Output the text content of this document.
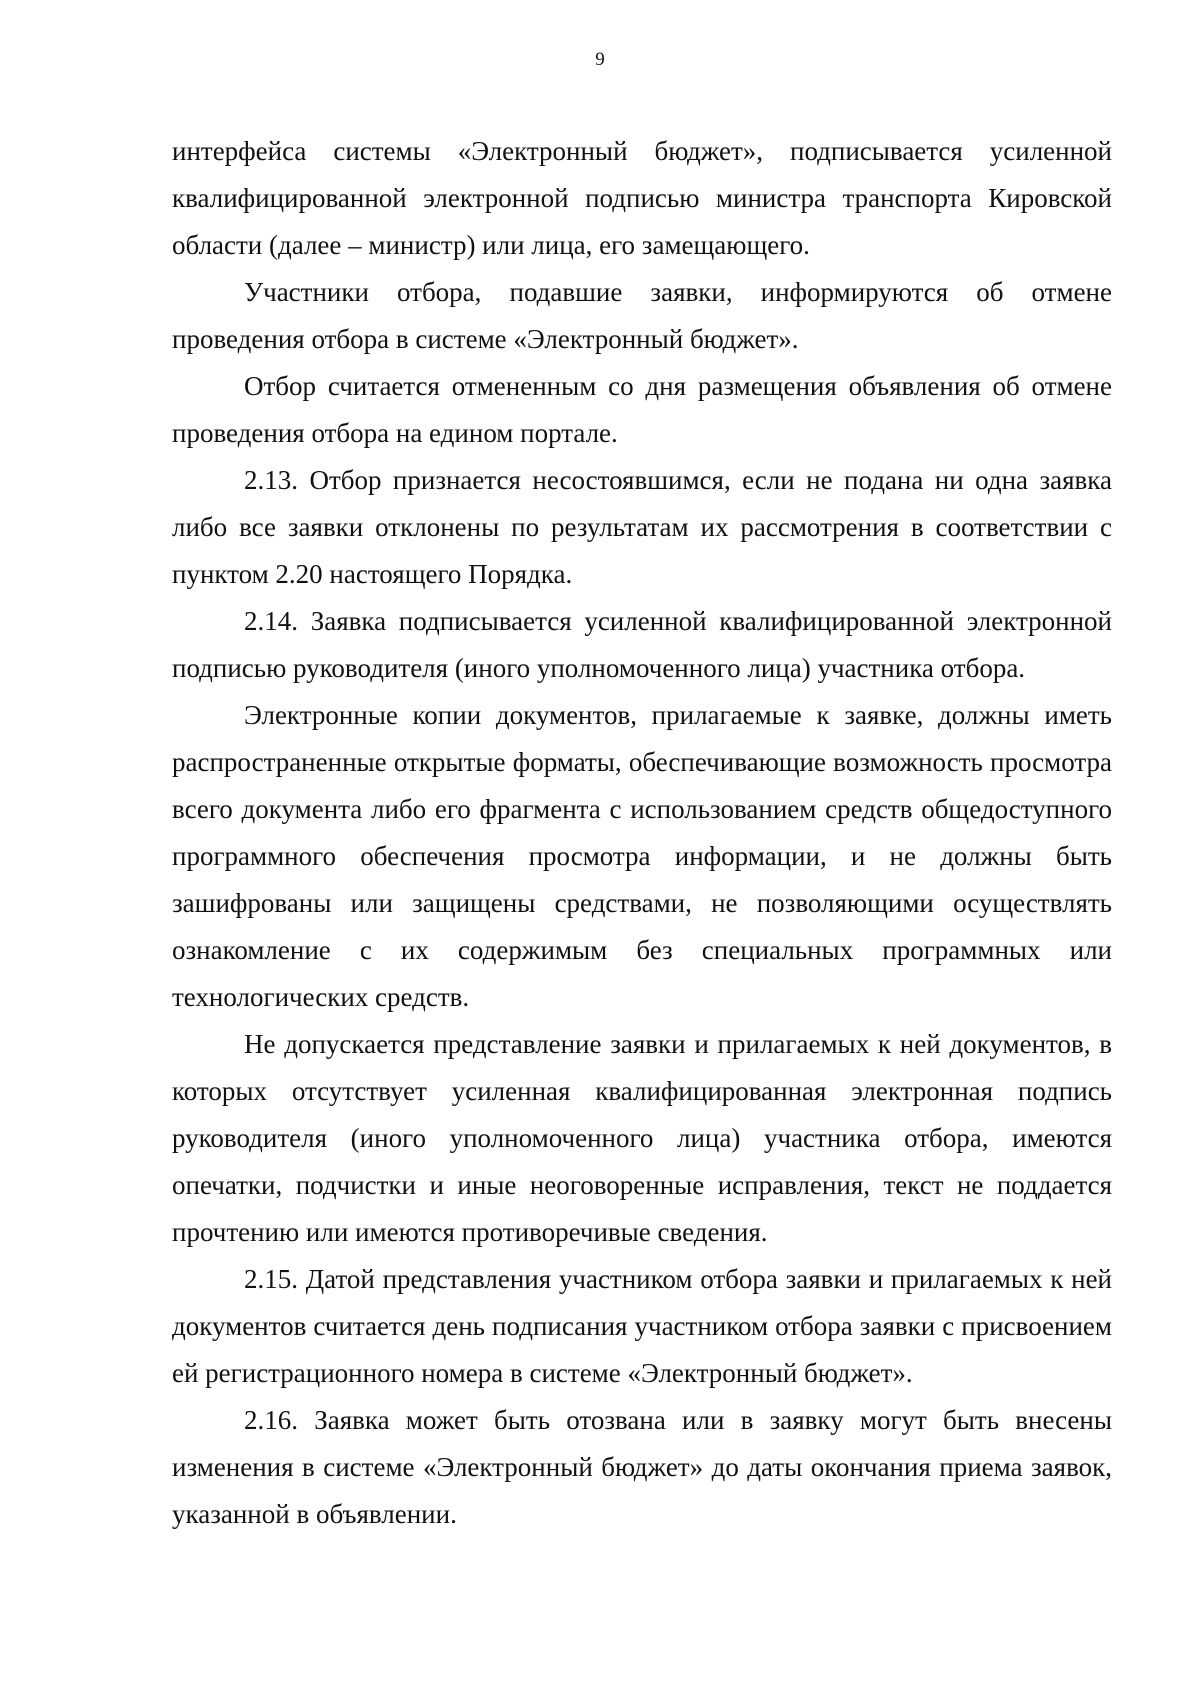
9

интерфейса системы «Электронный бюджет», подписывается усиленной квалифицированной электронной подписью министра транспорта Кировской области (далее – министр) или лица, его замещающего.

Участники отбора, подавшие заявки, информируются об отмене проведения отбора в системе «Электронный бюджет».

Отбор считается отмененным со дня размещения объявления об отмене проведения отбора на едином портале.

2.13. Отбор признается несостоявшимся, если не подана ни одна заявка либо все заявки отклонены по результатам их рассмотрения в соответствии с пунктом 2.20 настоящего Порядка.

2.14. Заявка подписывается усиленной квалифицированной электронной подписью руководителя (иного уполномоченного лица) участника отбора.

Электронные копии документов, прилагаемые к заявке, должны иметь распространенные открытые форматы, обеспечивающие возможность просмотра всего документа либо его фрагмента с использованием средств общедоступного программного обеспечения просмотра информации, и не должны быть зашифрованы или защищены средствами, не позволяющими осуществлять ознакомление с их содержимым без специальных программных или технологических средств.

Не допускается представление заявки и прилагаемых к ней документов, в которых отсутствует усиленная квалифицированная электронная подпись руководителя (иного уполномоченного лица) участника отбора, имеются опечатки, подчистки и иные неоговоренные исправления, текст не поддается прочтению или имеются противоречивые сведения.

2.15. Датой представления участником отбора заявки и прилагаемых к ней документов считается день подписания участником отбора заявки с присвоением ей регистрационного номера в системе «Электронный бюджет».

2.16. Заявка может быть отозвана или в заявку могут быть внесены изменения в системе «Электронный бюджет» до даты окончания приема заявок, указанной в объявлении.
